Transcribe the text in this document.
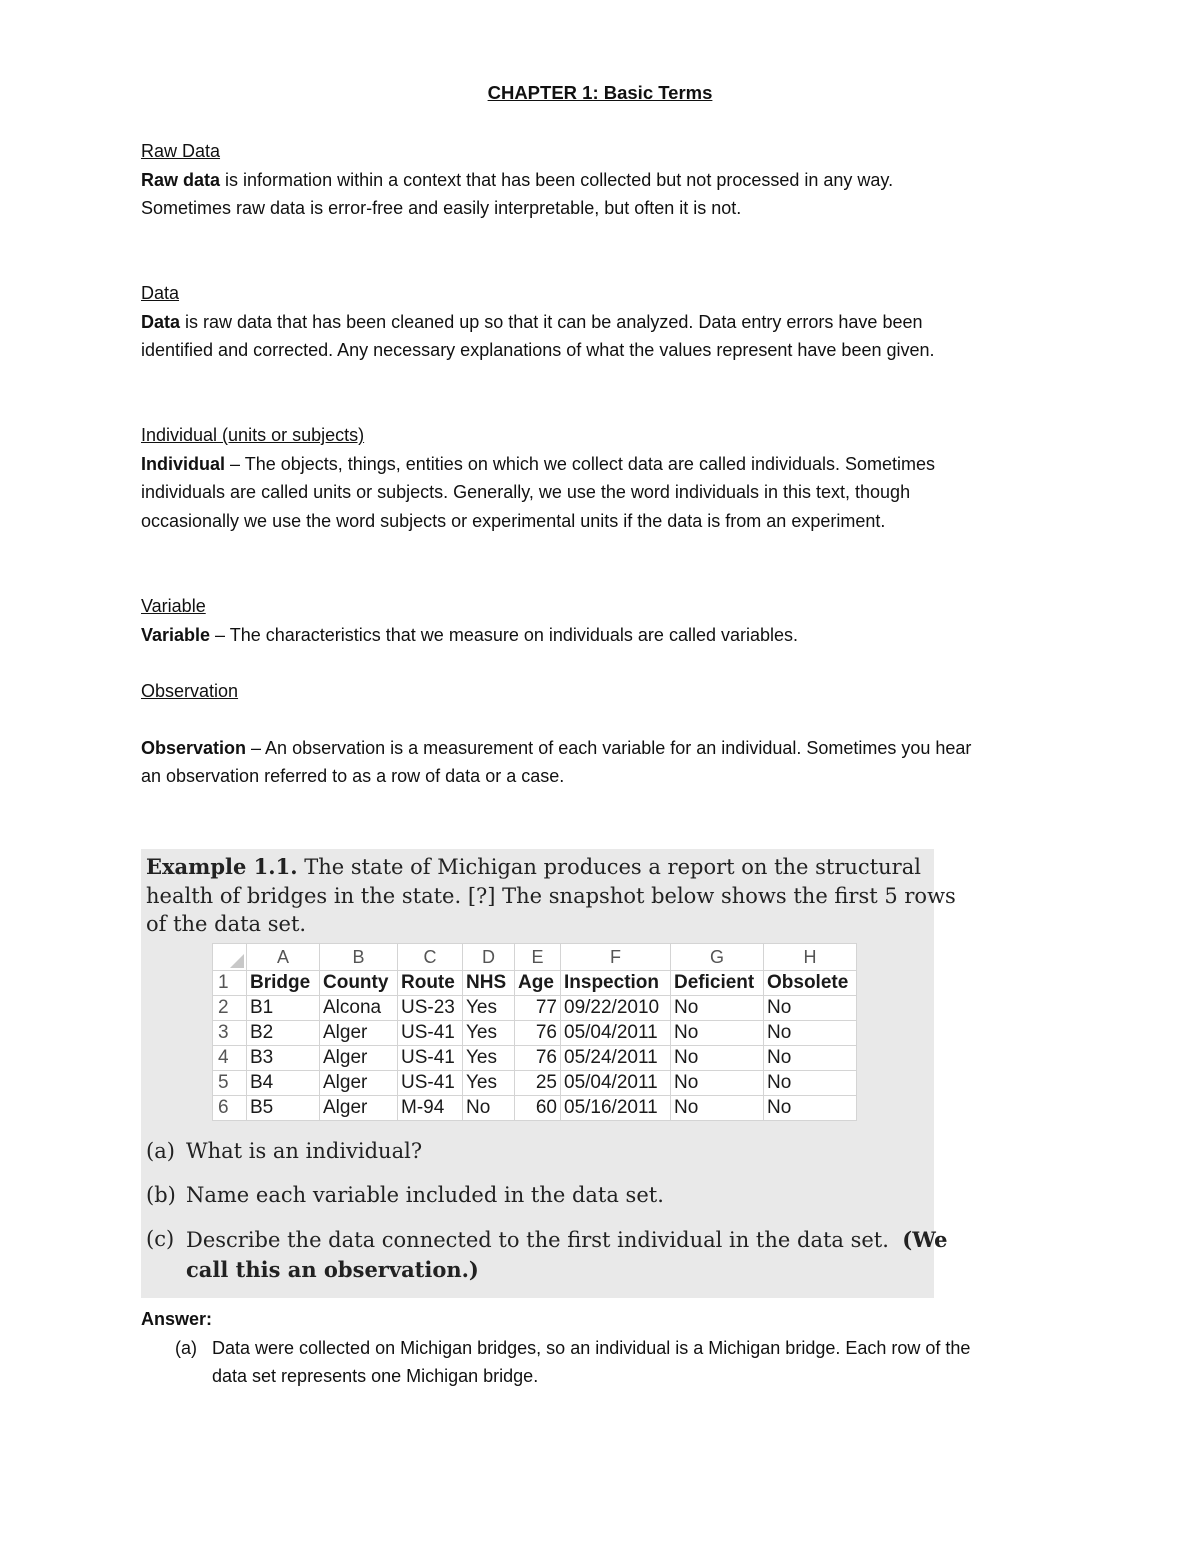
CHAPTER 1: Basic Terms
Raw Data
Raw data is information within a context that has been collected but not processed in any way.
Sometimes raw data is error-free and easily interpretable, but often it is not.
Data
Data is raw data that has been cleaned up so that it can be analyzed. Data entry errors have been
identified and corrected. Any necessary explanations of what the values represent have been given.
Individual (units or subjects)
Individual – The objects, things, entities on which we collect data are called individuals. Sometimes
individuals are called units or subjects. Generally, we use the word individuals in this text, though
occasionally we use the word subjects or experimental units if the data is from an experiment.
Variable
Variable – The characteristics that we measure on individuals are called variables.
Observation
Observation – An observation is a measurement of each variable for an individual. Sometimes you hear
an observation referred to as a row of data or a case.
Example 1.1. The state of Michigan produces a report on the structural
health of bridges in the state. [?] The snapshot below shows the first 5 rows
of the data set.
	A	B	C	D	E	F	G	H
1	Bridge	County	Route	NHS	Age	Inspection	Deficient	Obsolete
2	B1	Alcona	US-23	Yes	77	09/22/2010	No	No
3	B2	Alger	US-41	Yes	76	05/04/2011	No	No
4	B3	Alger	US-41	Yes	76	05/24/2011	No	No
5	B4	Alger	US-41	Yes	25	05/04/2011	No	No
6	B5	Alger	M-94	No	60	05/16/2011	No	No
(a) What is an individual?
(b) Name each variable included in the data set.
(c) Describe the data connected to the first individual in the data set. (We
call this an observation.)
Answer:
(a) Data were collected on Michigan bridges, so an individual is a Michigan bridge. Each row of the
data set represents one Michigan bridge.
